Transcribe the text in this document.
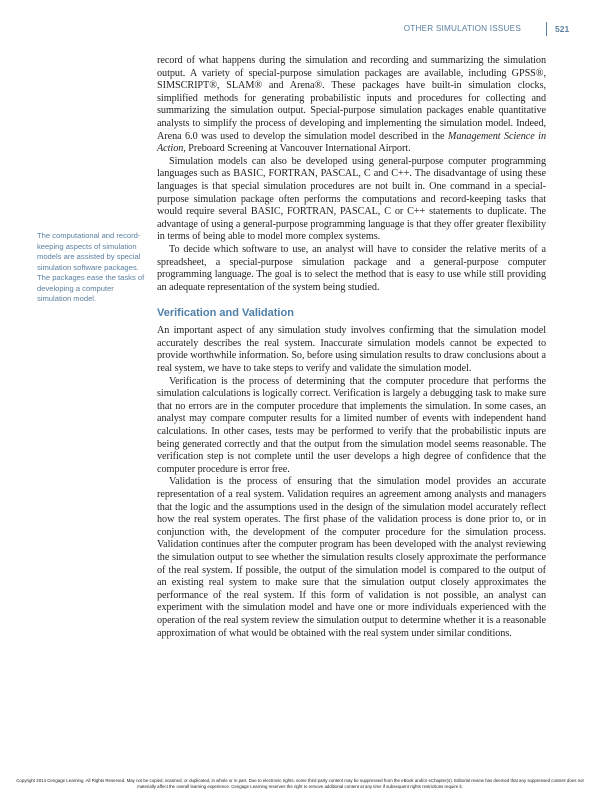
OTHER SIMULATION ISSUES	521
The computational and record-keeping aspects of simulation models are assisted by special simulation software packages. The packages ease the tasks of developing a computer simulation model.

record of what happens during the simulation and recording and summarizing the simulation output. A variety of special-purpose simulation packages are available, including GPSS®, SIMSCRIPT®, SLAM® and Arena®. These packages have built-in simulation clocks, simplified methods for generating probabilistic inputs and procedures for collecting and summarizing the simulation output. Special-purpose simulation packages enable quantitative analysts to simplify the process of developing and implementing the simulation model. Indeed, Arena 6.0 was used to develop the simulation model described in the Management Science in Action, Preboard Screening at Vancouver International Airport.

Simulation models can also be developed using general-purpose computer programming languages such as BASIC, FORTRAN, PASCAL, C and C++. The disadvantage of using these languages is that special simulation procedures are not built in. One command in a special-purpose simulation package often performs the computations and record-keeping tasks that would require several BASIC, FORTRAN, PASCAL, C or C++ statements to duplicate. The advantage of using a general-purpose programming language is that they offer greater flexibility in terms of being able to model more complex systems.

To decide which software to use, an analyst will have to consider the relative merits of a spreadsheet, a special-purpose simulation package and a general-purpose computer programming language. The goal is to select the method that is easy to use while still providing an adequate representation of the system being studied.

Verification and Validation

An important aspect of any simulation study involves confirming that the simulation model accurately describes the real system. Inaccurate simulation models cannot be expected to provide worthwhile information. So, before using simulation results to draw conclusions about a real system, we have to take steps to verify and validate the simulation model.

Verification is the process of determining that the computer procedure that performs the simulation calculations is logically correct. Verification is largely a debugging task to make sure that no errors are in the computer procedure that implements the simulation. In some cases, an analyst may compare computer results for a limited number of events with independent hand calculations. In other cases, tests may be performed to verify that the probabilistic inputs are being generated correctly and that the output from the simulation model seems reasonable. The verification step is not complete until the user develops a high degree of confidence that the computer procedure is error free.

Validation is the process of ensuring that the simulation model provides an accurate representation of a real system. Validation requires an agreement among analysts and managers that the logic and the assumptions used in the design of the simulation model accurately reflect how the real system operates. The first phase of the validation process is done prior to, or in conjunction with, the development of the computer procedure for the simulation process. Validation continues after the computer program has been developed with the analyst reviewing the simulation output to see whether the simulation results closely approximate the performance of the real system. If possible, the output of the simulation model is compared to the output of an existing real system to make sure that the simulation output closely approximates the performance of the real system. If this form of validation is not possible, an analyst can experiment with the simulation model and have one or more individuals experienced with the operation of the real system review the simulation output to determine whether it is a reasonable approximation of what would be obtained with the real system under similar conditions.

Copyright 2014 Cengage Learning. All Rights Reserved. May not be copied, scanned, or duplicated, in whole or in part. Due to electronic rights, some third party content may be suppressed from the eBook and/or eChapter(s). Editorial review has deemed that any suppressed content does not materially affect the overall learning experience. Cengage Learning reserves the right to remove additional content at any time if subsequent rights restrictions require it.
